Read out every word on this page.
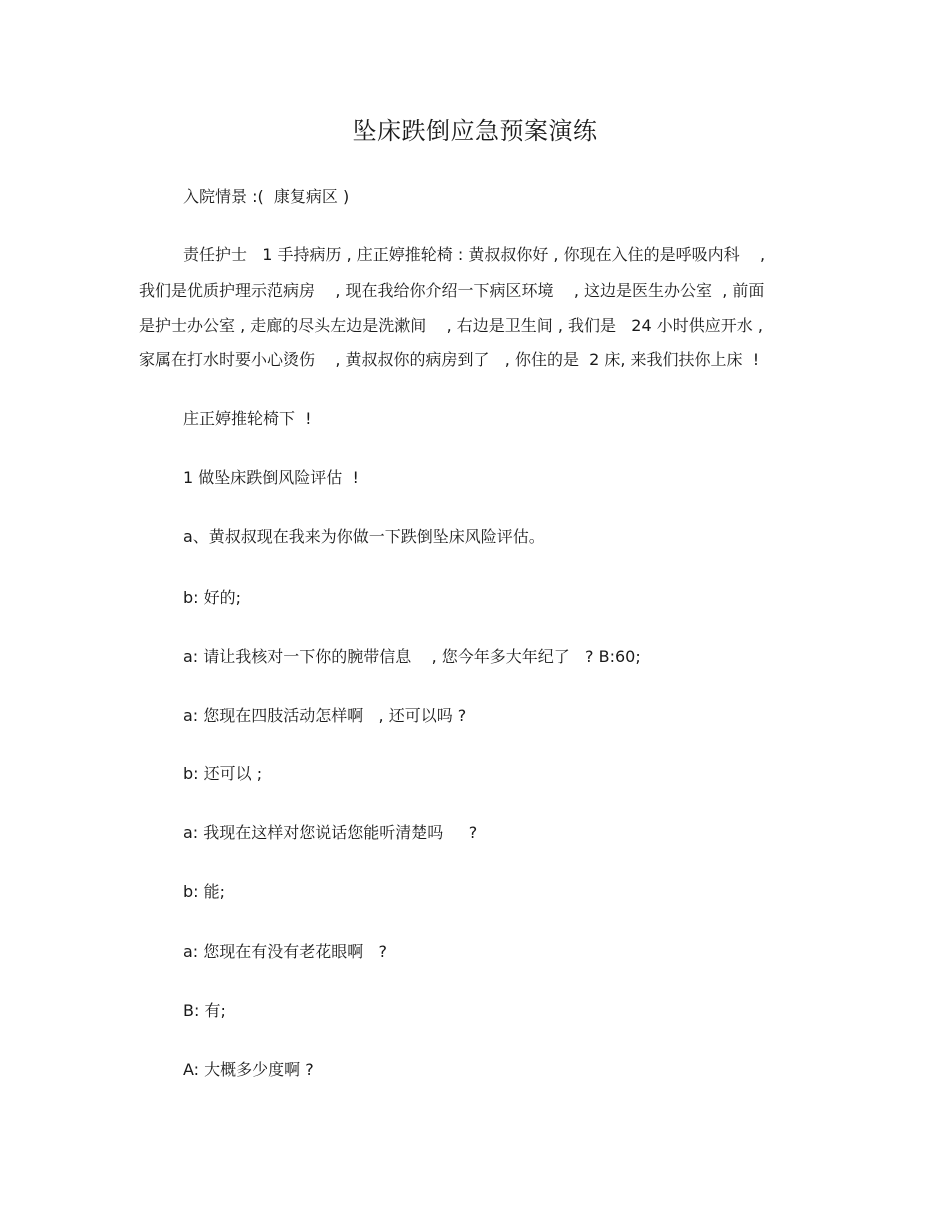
坠床跌倒应急预案演练
入院情景 :(  康复病区 )
责任护士   1 手持病历 , 庄正婷推轮椅 : 黄叔叔你好 , 你现在入住的是呼吸内科    ,
我们是优质护理示范病房    , 现在我给你介绍一下病区环境    , 这边是医生办公室  , 前面
是护士办公室 , 走廊的尽头左边是洗漱间    , 右边是卫生间 , 我们是   24 小时供应开水 ,
家属在打水时要小心烫伤    , 黄叔叔你的病房到了   , 你住的是  2 床, 来我们扶你上床  !
庄正婷推轮椅下  !
1 做坠床跌倒风险评估  !
a、黄叔叔现在我来为你做一下跌倒坠床风险评估。
b: 好的;
a: 请让我核对一下你的腕带信息    , 您今年多大年纪了   ? B:60;
a: 您现在四肢活动怎样啊   , 还可以吗 ?
b: 还可以 ;
a: 我现在这样对您说话您能听清楚吗     ?
b: 能;
a: 您现在有没有老花眼啊   ?
B: 有;
A: 大概多少度啊 ?
